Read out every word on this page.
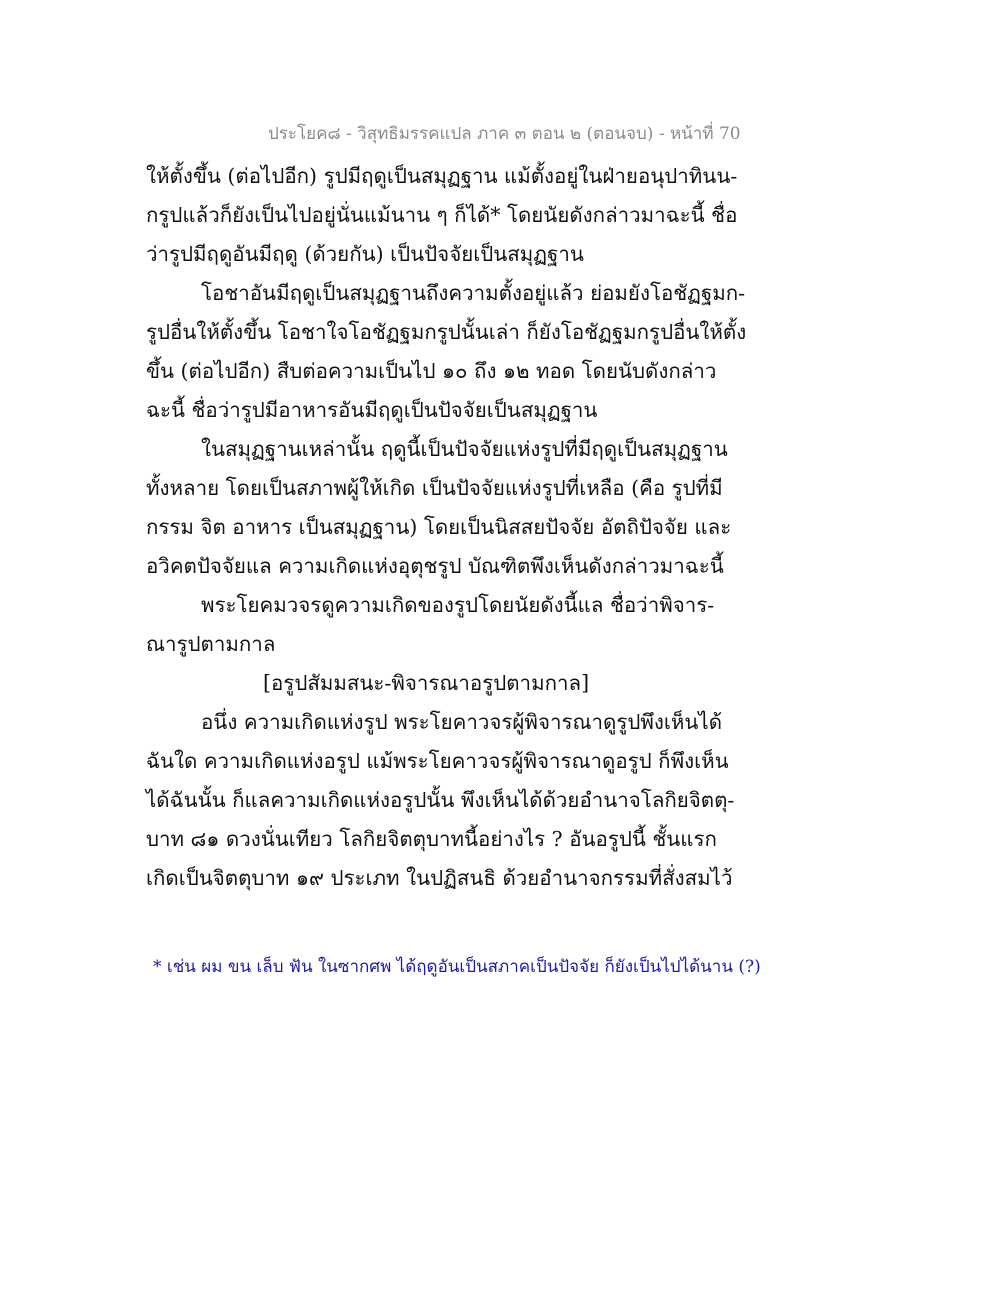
ประโยค๘ - วิสุทธิมรรคแปล ภาค ๓ ตอน ๒ (ตอนจบ) - หน้าที่ 70
ให้ตั้งขึ้น (ต่อไปอีก) รูปมีฤดูเป็นสมุฏฐาน แม้ตั้งอยู่ในฝ่ายอนุปาทินน-
กรูปแล้วก็ยังเป็นไปอยู่นั่นแม้นาน ๆ ก็ได้* โดยนัยดังกล่าวมาฉะนี้ ชื่อ
ว่ารูปมีฤดูอันมีฤดู (ด้วยกัน) เป็นปัจจัยเป็นสมุฏฐาน
โอชาอันมีฤดูเป็นสมุฏฐานถึงความตั้งอยู่แล้ว ย่อมยังโอชัฏฐมก-
รูปอื่นให้ตั้งขึ้น โอชาใจโอชัฏฐมกรูปนั้นเล่า ก็ยังโอชัฏฐมกรูปอื่นให้ตั้ง
ขึ้น (ต่อไปอีก) สืบต่อความเป็นไป ๑๐ ถึง ๑๒ ทอด โดยนับดังกล่าว
ฉะนี้ ชื่อว่ารูปมีอาหารอันมีฤดูเป็นปัจจัยเป็นสมุฏฐาน
ในสมุฏฐานเหล่านั้น ฤดูนี้เป็นปัจจัยแห่งรูปที่มีฤดูเป็นสมุฏฐาน
ทั้งหลาย โดยเป็นสภาพผู้ให้เกิด เป็นปัจจัยแห่งรูปที่เหลือ (คือ รูปที่มี
กรรม จิต อาหาร เป็นสมุฏฐาน) โดยเป็นนิสสยปัจจัย อัตถิปัจจัย และ
อวิคตปัจจัยแล ความเกิดแห่งอุตุชรูป บัณฑิตพึงเห็นดังกล่าวมาฉะนี้
พระโยคมวจรดูความเกิดของรูปโดยนัยดังนี้แล ชื่อว่าพิจาร-
ณารูปตามกาล
[อรูปสัมมสนะ-พิจารณาอรูปตามกาล]
อนึ่ง ความเกิดแห่งรูป พระโยคาวจรผู้พิจารณาดูรูปพึงเห็นได้
ฉันใด ความเกิดแห่งอรูป แม้พระโยคาวจรผู้พิจารณาดูอรูป ก็พึงเห็น
ได้ฉันนั้น ก็แลความเกิดแห่งอรูปนั้น พึงเห็นได้ด้วยอำนาจโลกิยจิตตุ-
บาท ๘๑ ดวงนั่นเทียว โลกิยจิตตุบาทนี้อย่างไร ? อันอรูปนี้ ชั้นแรก
เกิดเป็นจิตตุบาท ๑๙ ประเภท ในปฏิสนธิ ด้วยอำนาจกรรมที่สั่งสมไว้
* เช่น ผม ขน เล็บ ฟัน ในซากศพ ได้ฤดูอันเป็นสภาคเป็นปัจจัย ก็ยังเป็นไปได้นาน (?)
